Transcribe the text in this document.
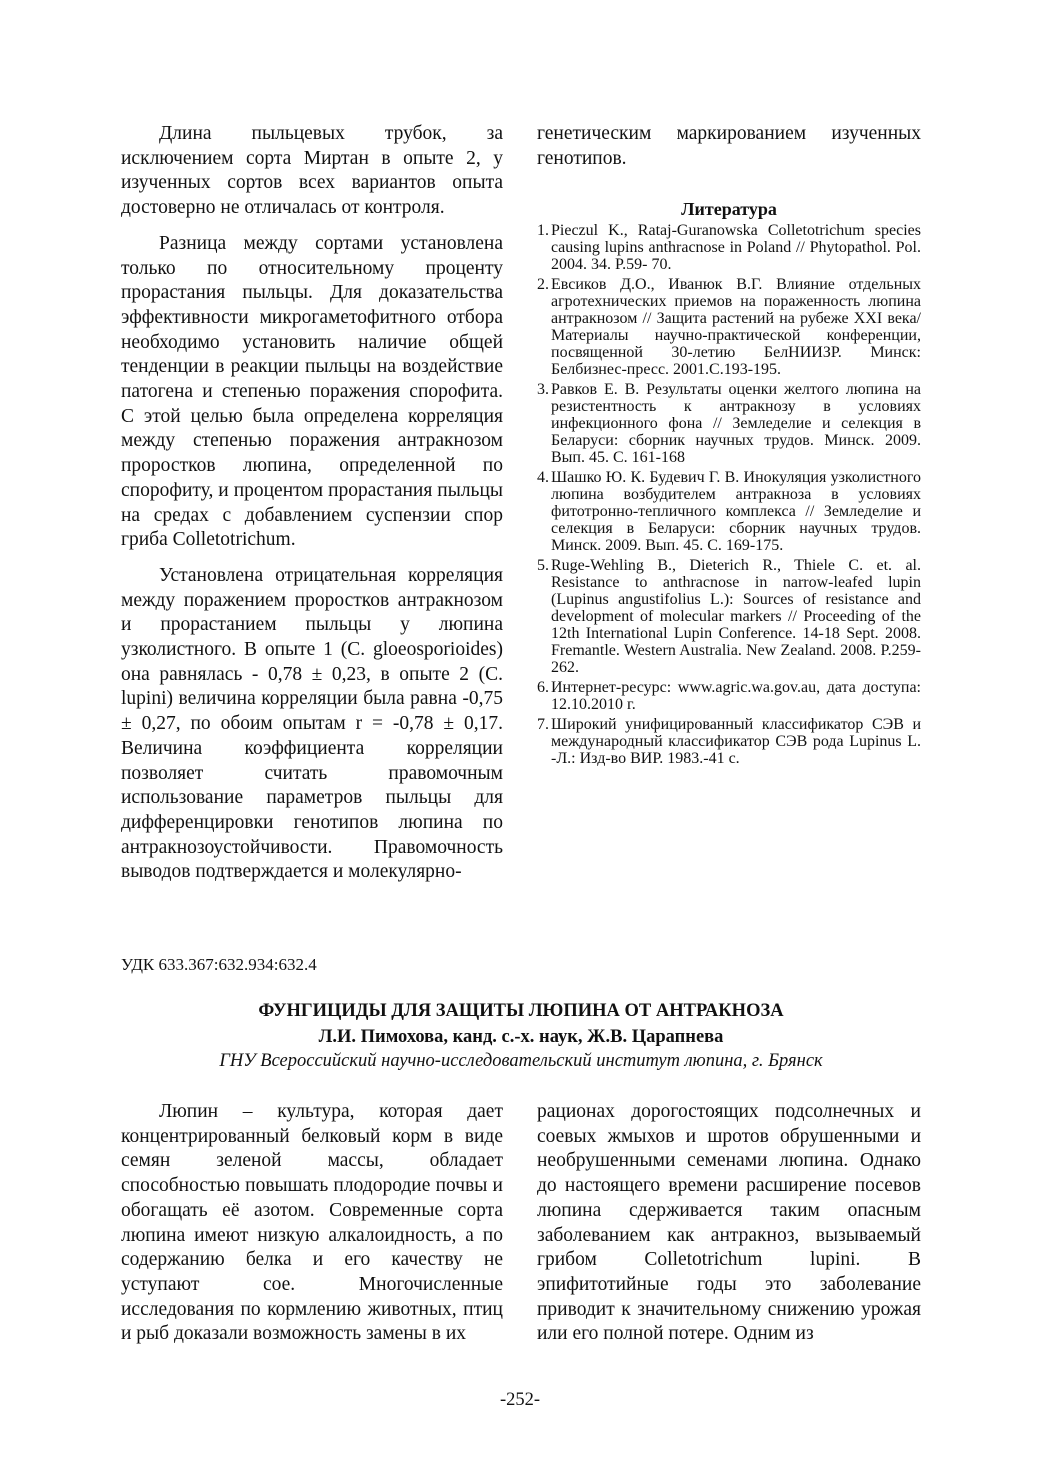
Длина пыльцевых трубок, за исключением сорта Миртан в опыте 2, у изученных сортов всех вариантов опыта достоверно не отличалась от контроля.

Разница между сортами установлена только по относительному проценту прорастания пыльцы. Для доказательства эффективности микрогаметофитного отбора необходимо установить наличие общей тенденции в реакции пыльцы на воздействие патогена и степенью поражения спорофита. С этой целью была определена корреляция между степенью поражения антракнозом проростков люпина, определенной по спорофиту, и процентом прорастания пыльцы на средах с добавлением суспензии спор гриба Colletotrichum.

Установлена отрицательная корреляция между поражением проростков антракнозом и прорастанием пыльцы у люпина узколистного. В опыте 1 (C. gloeosporioides) она равнялась - 0,78 ± 0,23, в опыте 2 (C. lupini) величина корреляции была равна -0,75 ± 0,27, по обоим опытам r = -0,78 ± 0,17. Величина коэффициента корреляции позволяет считать правомочным использование параметров пыльцы для дифференцировки генотипов люпина по антракнозоустойчивости. Правомочность выводов подтверждается и молекулярно-

генетическим маркированием изученных генотипов.

Литература
1. Pieczul K., Rataj-Guranowska Colletotrichum species causing lupins anthracnose in Poland // Phytopathol. Pol. 2004. 34. P.59- 70.
2. Евсиков Д.О., Иванюк В.Г. Влияние отдельных агротехнических приемов на пораженность люпина антракнозом // Защита растений на рубеже XXI века/ Материалы научно-практической конференции, посвященной 30-летию БелНИИЗР. Минск: Белбизнес-пресс. 2001.С.193-195.
3. Равков Е. В. Результаты оценки желтого люпина на резистентность к антракнозу в условиях инфекционного фона // Земледелие и селекция в Беларуси: сборник научных трудов. Минск. 2009. Вып. 45. С. 161-168
4. Шашко Ю. К. Будевич Г. В. Инокуляция узколистного люпина возбудителем антракноза в условиях фитотронно-тепличного комплекса // Земледелие и селекция в Беларуси: сборник научных трудов. Минск. 2009. Вып. 45. С. 169-175.
5. Ruge-Wehling B., Dieterich R., Thiele C. et. al. Resistance to anthracnose in narrow-leafed lupin (Lupinus angustifolius L.): Sources of resistance and development of molecular markers // Proceeding of the 12th International Lupin Conference. 14-18 Sept. 2008. Fremantle. Western Australia. New Zealand. 2008. P.259-262.
6. Интернет-ресурс: www.agric.wa.gov.au, дата доступа: 12.10.2010 г.
7. Широкий унифицированный классификатор СЭВ и международный классификатор СЭВ рода Lupinus L. -Л.: Изд-во ВИР. 1983.-41 с.
УДК 633.367:632.934:632.4
ФУНГИЦИДЫ ДЛЯ ЗАЩИТЫ ЛЮПИНА ОТ АНТРАКНОЗА
Л.И. Пимохова, канд. с.-х. наук, Ж.В. Царапнева
ГНУ Всероссийский научно-исследовательский институт люпина, г. Брянск

Люпин – культура, которая дает концентрированный белковый корм в виде семян зеленой массы, обладает способностью повышать плодородие почвы и обогащать её азотом. Современные сорта люпина имеют низкую алкалоидность, а по содержанию белка и его качеству не уступают сое. Многочисленные исследования по кормлению животных, птиц и рыб доказали возможность замены в их

рационах дорогостоящих подсолнечных и соевых жмыхов и шротов обрушенными и необрушенными семенами люпина. Однако до настоящего времени расширение посевов люпина сдерживается таким опасным заболеванием как антракноз, вызываемый грибом Colletotrichum lupini. В эпифитотийные годы это заболевание приводит к значительному снижению урожая или его полной потере. Одним из

-252-
